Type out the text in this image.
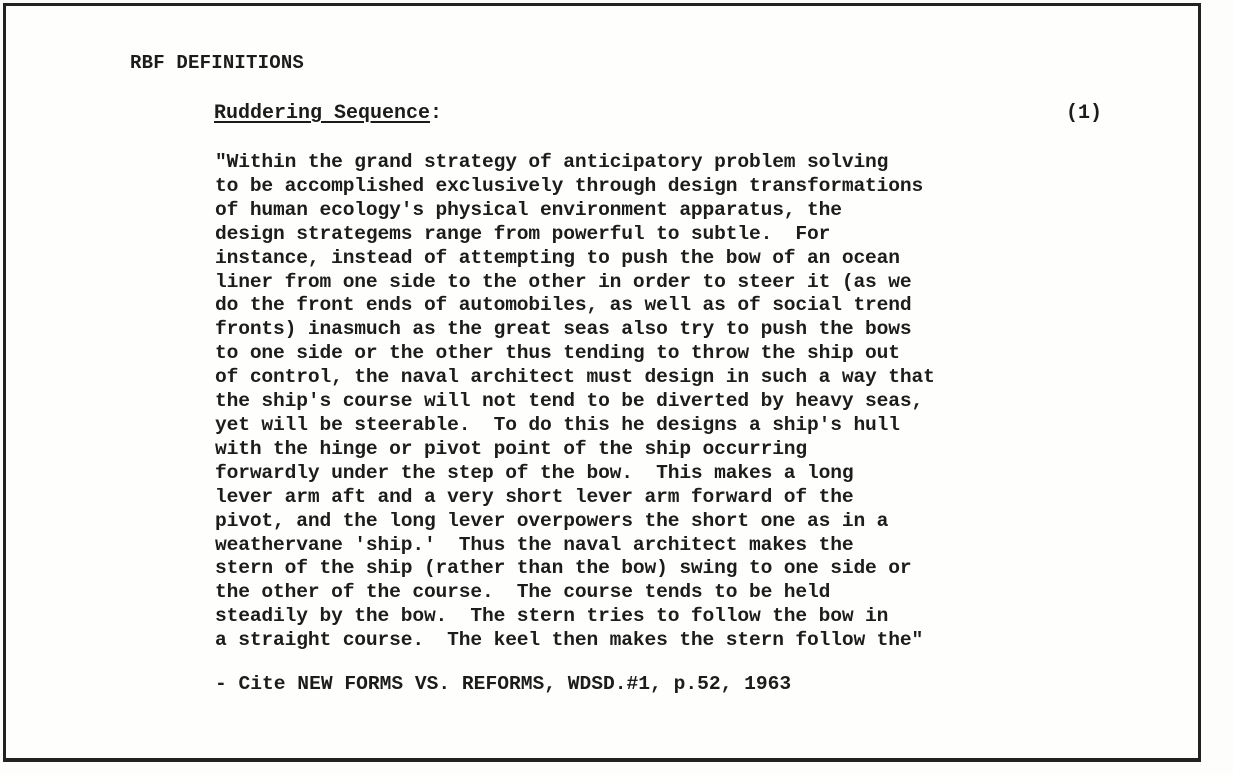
RBF DEFINITIONS
Ruddering Sequence:	(1)
"Within the grand strategy of anticipatory problem solving
to be accomplished exclusively through design transformations
of human ecology's physical environment apparatus, the
design strategems range from powerful to subtle.  For
instance, instead of attempting to push the bow of an ocean
liner from one side to the other in order to steer it (as we
do the front ends of automobiles, as well as of social trend
fronts) inasmuch as the great seas also try to push the bows
to one side or the other thus tending to throw the ship out
of control, the naval architect must design in such a way that
the ship's course will not tend to be diverted by heavy seas,
yet will be steerable.  To do this he designs a ship's hull
with the hinge or pivot point of the ship occurring
forwardly under the step of the bow.  This makes a long
lever arm aft and a very short lever arm forward of the
pivot, and the long lever overpowers the short one as in a
weathervane 'ship.'  Thus the naval architect makes the
stern of the ship (rather than the bow) swing to one side or
the other of the course.  The course tends to be held
steadily by the bow.  The stern tries to follow the bow in
a straight course.  The keel then makes the stern follow the"
- Cite NEW FORMS VS. REFORMS, WDSD.#1, p.52, 1963
